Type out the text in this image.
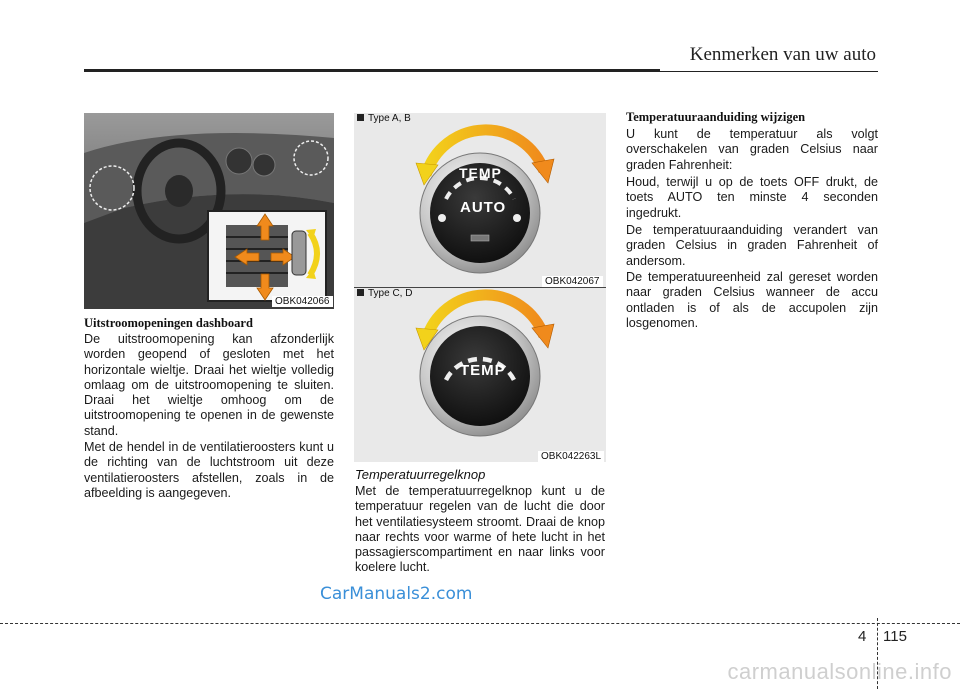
Kenmerken van uw auto
OBK042066
TEMP
AUTO
Type A, B
OBK042067
TEMP
Type C, D
OBK042263L
Uitstroomopeningen dashboard

De uitstroomopening kan afzonderlijk worden geopend of gesloten met het horizontale wieltje. Draai het wieltje volledig omlaag om de uitstroomopening te sluiten. Draai het wieltje omhoog om de uitstroomopening te openen in de gewenste stand.

Met de hendel in de ventilatieroosters kunt u de richting van de luchtstroom uit deze ventilatieroosters afstellen, zoals in de afbeelding is aangegeven.

Temperatuurregelknop

Met de temperatuurregelknop kunt u de temperatuur regelen van de lucht die door het ventilatiesysteem stroomt. Draai de knop naar rechts voor warme of hete lucht in het passagierscompartiment en naar links voor koelere lucht.

Temperatuuraanduiding wijzigen

U kunt de temperatuur als volgt overschakelen van graden Celsius naar graden Fahrenheit:

Houd, terwijl u op de toets OFF drukt, de toets AUTO ten minste 4 seconden ingedrukt.

De temperatuuraanduiding verandert van graden Celsius in graden Fahrenheit of andersom.

De temperatuureenheid zal gereset worden naar graden Celsius wanneer de accu ontladen is of als de accupolen zijn losgenomen.

CarManuals2.com
4 115
carmanualsonline.info
